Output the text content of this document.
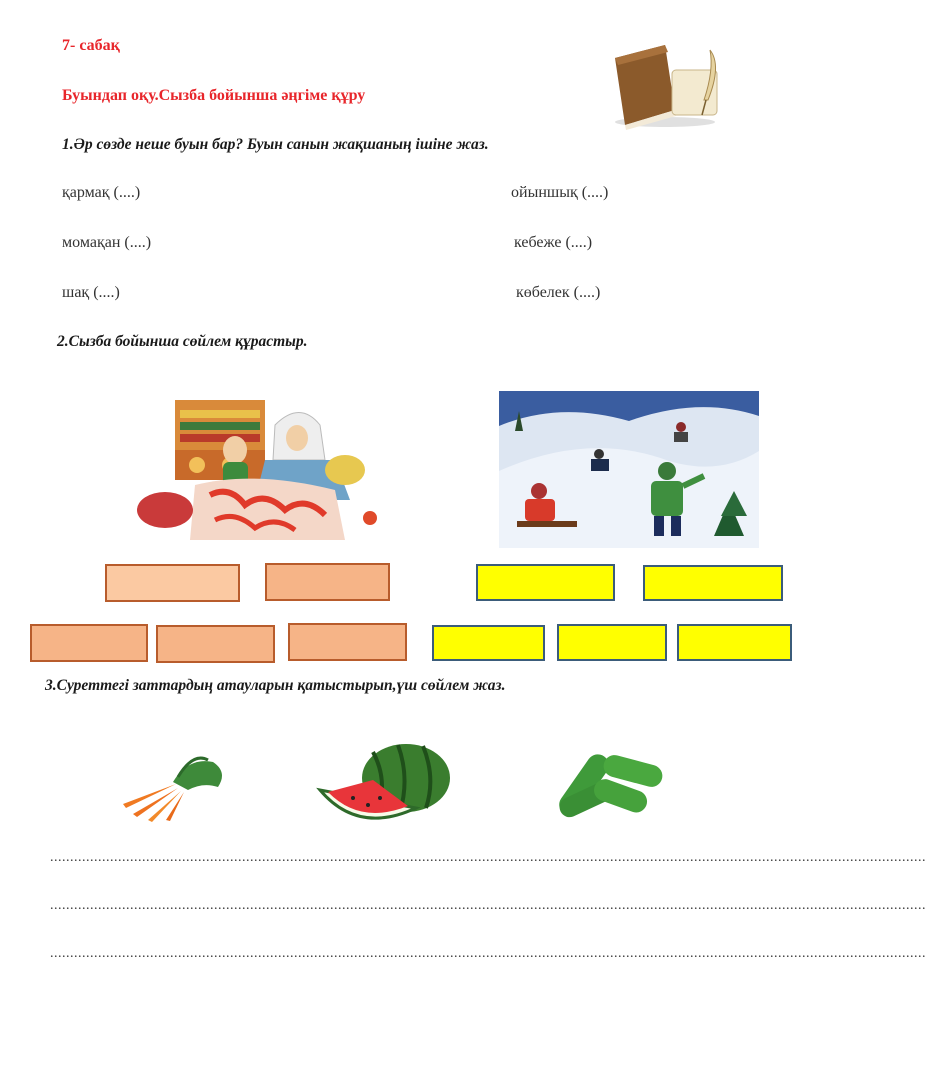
7- сабақ
Буындап оқу.Сызба бойынша әңгіме құру
1.Әр сөзде неше буын бар? Буын санын жақшаның ішіне жаз.
қармақ (....)
момақан (....)
шақ (....)
ойыншық (....)
кебеже (....)
көбелек (....)
2.Сызба бойынша сөйлем құрастыр.
3.Суреттегі заттардың атауларын қатыстырып,үш сөйлем жаз.
...........................................................................................................................................................................................................................
...........................................................................................................................................................................................................................
...........................................................................................................................................................................................................................
